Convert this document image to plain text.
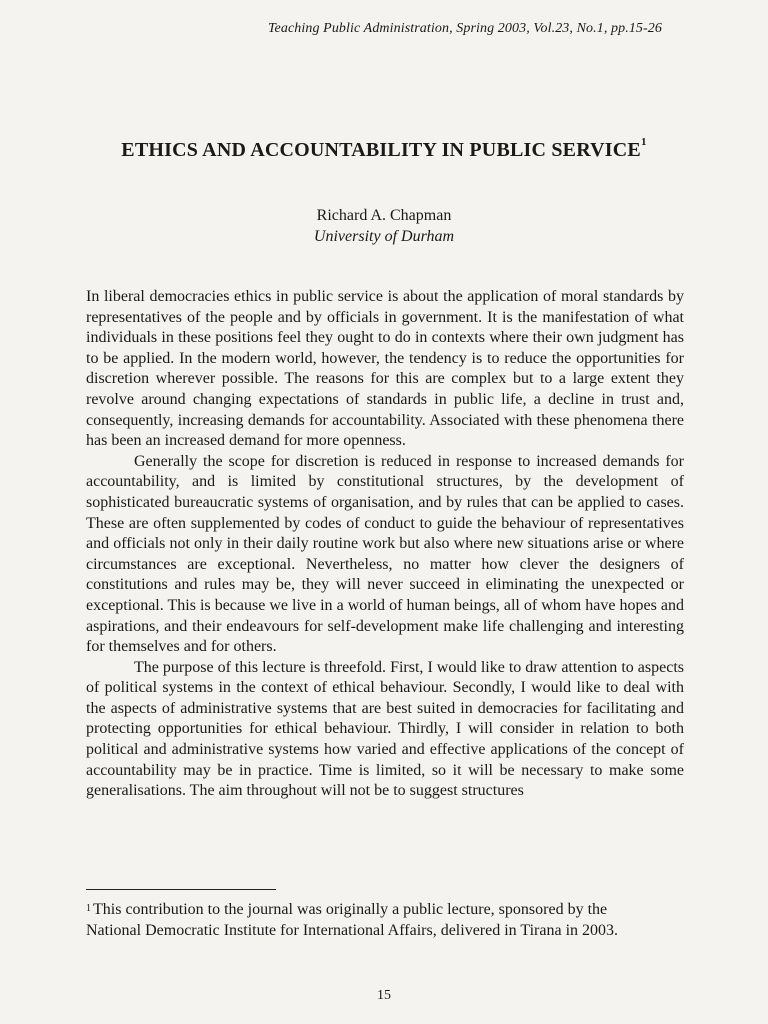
Teaching Public Administration, Spring 2003, Vol.23, No.1, pp.15-26
ETHICS AND ACCOUNTABILITY IN PUBLIC SERVICE$^1$
Richard A. Chapman
University of Durham

In liberal democracies ethics in public service is about the application of moral standards by representatives of the people and by officials in government. It is the manifestation of what individuals in these positions feel they ought to do in contexts where their own judgment has to be applied. In the modern world, however, the tendency is to reduce the opportunities for discretion wherever possible. The reasons for this are complex but to a large extent they revolve around changing expectations of standards in public life, a decline in trust and, consequently, increasing demands for accountability. Associated with these phenomena there has been an increased demand for more openness.

Generally the scope for discretion is reduced in response to increased demands for accountability, and is limited by constitutional structures, by the development of sophisticated bureaucratic systems of organisation, and by rules that can be applied to cases. These are often supplemented by codes of conduct to guide the behaviour of representatives and officials not only in their daily routine work but also where new situations arise or where circumstances are exceptional. Nevertheless, no matter how clever the designers of constitutions and rules may be, they will never succeed in eliminating the unexpected or exceptional. This is because we live in a world of human beings, all of whom have hopes and aspirations, and their endeavours for self-development make life challenging and interesting for themselves and for others.

The purpose of this lecture is threefold. First, I would like to draw attention to aspects of political systems in the context of ethical behaviour. Secondly, I would like to deal with the aspects of administrative systems that are best suited in democracies for facilitating and protecting opportunities for ethical behaviour. Thirdly, I will consider in relation to both political and administrative systems how varied and effective applications of the concept of accountability may be in practice. Time is limited, so it will be necessary to make some generalisations. The aim throughout will not be to suggest structures

$^1$ This contribution to the journal was originally a public lecture, sponsored by the National Democratic Institute for International Affairs, delivered in Tirana in 2003.
15
